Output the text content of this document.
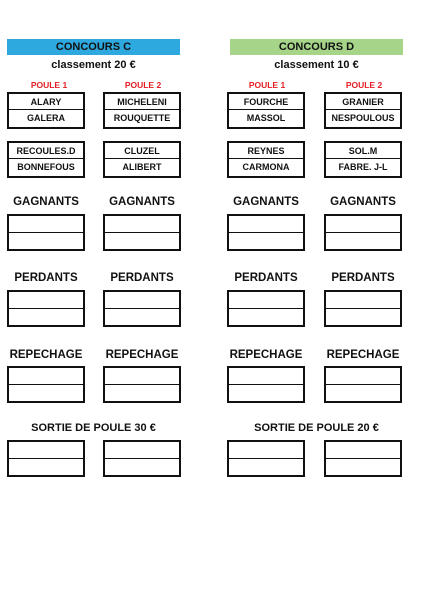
CONCOURS C
classement 20 €
POULE 1	POULE 2
ALARY
GALERA
MICHELENI
ROUQUETTE
RECOULES.D
BONNEFOUS
CLUZEL
ALIBERT
CONCOURS D
classement 10 €
POULE 1	POULE 2
FOURCHE
MASSOL
GRANIER
NESPOULOUS
REYNES
CARMONA
SOL.M
FABRE. J-L
GAGNANTS	GAGNANTS	GAGNANTS	GAGNANTS
PERDANTS	PERDANTS	PERDANTS	PERDANTS
REPECHAGE REPECHAGE	REPECHAGE REPECHAGE
SORTIE DE POULE 30 €	SORTIE DE POULE 20 €
